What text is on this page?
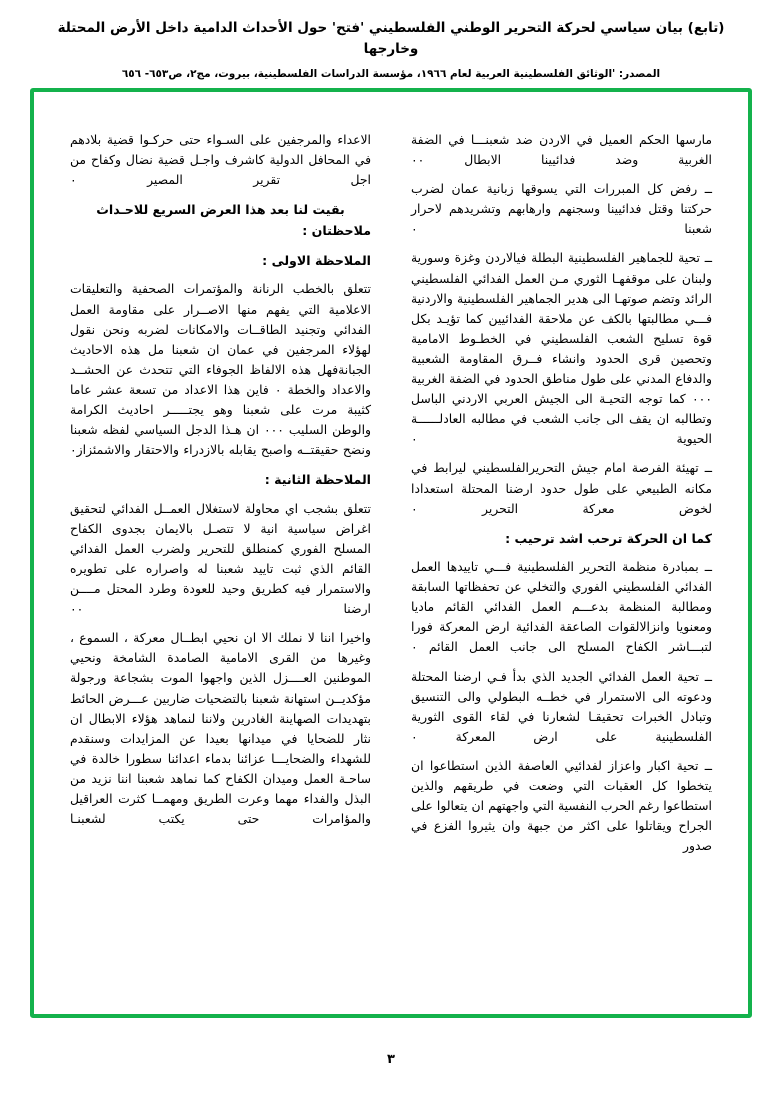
(تابع) بيان سياسي لحركة التحرير الوطني الفلسطيني 'فتح' حول الأحداث الدامية داخل الأرض المحتلة وخارجها
المصدر: 'الوثائق الفلسطينية العربية لعام ١٩٦٦، مؤسسة الدراسات الفلسطينية، بيروت، مج٢، ص٦٥٣- ٦٥٦

مارسها الحكم العميل في الاردن ضد شعبنـــا في الضفة الغربية وضد فدائيينا الابطال ٠٠

ــ رفض كل المبررات التي يسوقها زبانية عمان لضرب حركتنا وقتل فدائيينا وسجنهم وارهابهم وتشريدهم لاحرار شعبنا ٠

ــ تحية للجماهير الفلسطينية البطلة فيالاردن وغزة وسورية ولبنان على موقفهـا الثوري مـن العمل الفدائي الفلسطيني الرائد وتضم صوتهـا الى هدير الجماهير الفلسطينية والاردنية فـــي مطالبتها بالكف عن ملاحقة الفدائيين كما تؤيـد بكل قوة تسليح الشعب الفلسطيني في الخطـوط الامامية وتحصين قرى الحدود وانشاء فــرق المقاومة الشعبية والدفاع المدني على طول مناطق الحدود في الضفة الغربية ٠٠٠ كما توجه التحيـة الى الجيش العربي الاردني الباسل وتطالبه ان يقف الى جانب الشعب في مطالبه العادلــــــة الحيوية ٠

ــ تهيئة الفرصة امام جيش التحريرالفلسطيني ليرابط في مكانه الطبيعي على طول حدود ارضنا المحتلة استعدادا لخوض معركة التحرير ٠

كما ان الحركة ترحب اشد ترحيب :

ــ بمبادرة منظمة التحرير الفلسطينية فـــي تاييدها العمل الفدائي الفلسطيني الفوري والتخلي عن تحفظاتها السابقة ومطالبة المنظمة بدعـــم العمل الفدائي القائم ماديا ومعنويا وانزالالقوات الصاعقة الفدائية ارض المعركة فورا لتبـــاشر الكفاح المسلح الى جانب العمل القائم ٠

ــ تحية العمل الفدائي الجديد الذي بدأ فـي ارضنا المحتلة ودعوته الى الاستمرار في خطــه البطولي والى التنسيق وتبادل الخبرات تحقيقـا لشعارنا في لقاء القوى الثورية الفلسطينية على ارض المعركة ٠

ــ تحية اكبار واعزاز لفدائيي العاصفة الذين استطاعوا ان يتخطوا كل العقبات التي وضعت في طريقهم والذين استطاعوا رغم الحرب النفسية التي واجهتهم ان يتعالوا على الجراح ويقاتلوا على اكثر من جبهة وان يثيروا الفزع في صدور

الاعداء والمرجفين على السـواء حتى حركـوا قضية بلادهم في المحافل الدولية كاشرف واجـل قضية نضال وكفاح من اجل تقرير المصير ٠

بقيت لنا بعد هذا العرض السريع للاحـداث ملاحظتان :
الملاحظة الاولى :

تتعلق بالخطب الرنانة والمؤتمرات الصحفية والتعليقات الاعلامية التي يفهم منها الاصــرار على مقاومة العمل الفدائي وتجنيد الطاقــات والامكانات لضربه ونحن نقول لهؤلاء المرجفين في عمان ان شعبنا مل هذه الاحاديث الجبانةفهل هذه الالفاظ الجوفاء التي تتحدث عن الحشــد والاعداد والخطة ٠ فاين هذا الاعداد من تسعة عشر عاما كثيبة مرت على شعبنا وهو يجتـــــر احاديث الكرامة والوطن السليب ٠٠٠ ان هـذا الدجل السياسي لفظه شعبنا ونضح حقيقتــه واصبح يقابله بالازدراء والاحتقار والاشمئزاز٠

الملاحظة الثانية :

تتعلق بشجب اي محاولة لاستغلال العمــل الفدائي لتحقيق اغراض سياسية انية لا تتصـل بالايمان بجدوى الكفاح المسلح الفوري كمنطلق للتحرير ولضرب العمل الفدائي القائم الذي ثبت تاييد شعبنا له واصراره على تطويره والاستمرار فيه كطريق وحيد للعودة وطرد المحتل مــــن ارضنا ٠٠

واخيرا اننا لا نملك الا ان نحيي ابطــال معركة ، السموع ، وغيرها من القرى الامامية الصامدة الشامخة ونحيي الموطنين العــــزل الذين واجهوا الموت بشجاعة ورجولة مؤكديــن استهانة شعبنا بالتضحيات ضاربين عـــرض الحائط بتهديدات الصهاينة الغادرين ولاننا لنماهد هؤلاء الابطال ان نثار للضحايا في ميدانها بعيدا عن المزايدات وسنقدم للشهداء والضحايـــا عزائنا بدماء اعدائنا سطورا خالدة في ساحـة العمل وميدان الكفاح كما نماهد شعبنا اننا نزيد من البذل والفداء مهما وعرت الطريق ومهمــا كثرت العراقيل والمؤامرات حتى يكتب لشعبنـا

٣
